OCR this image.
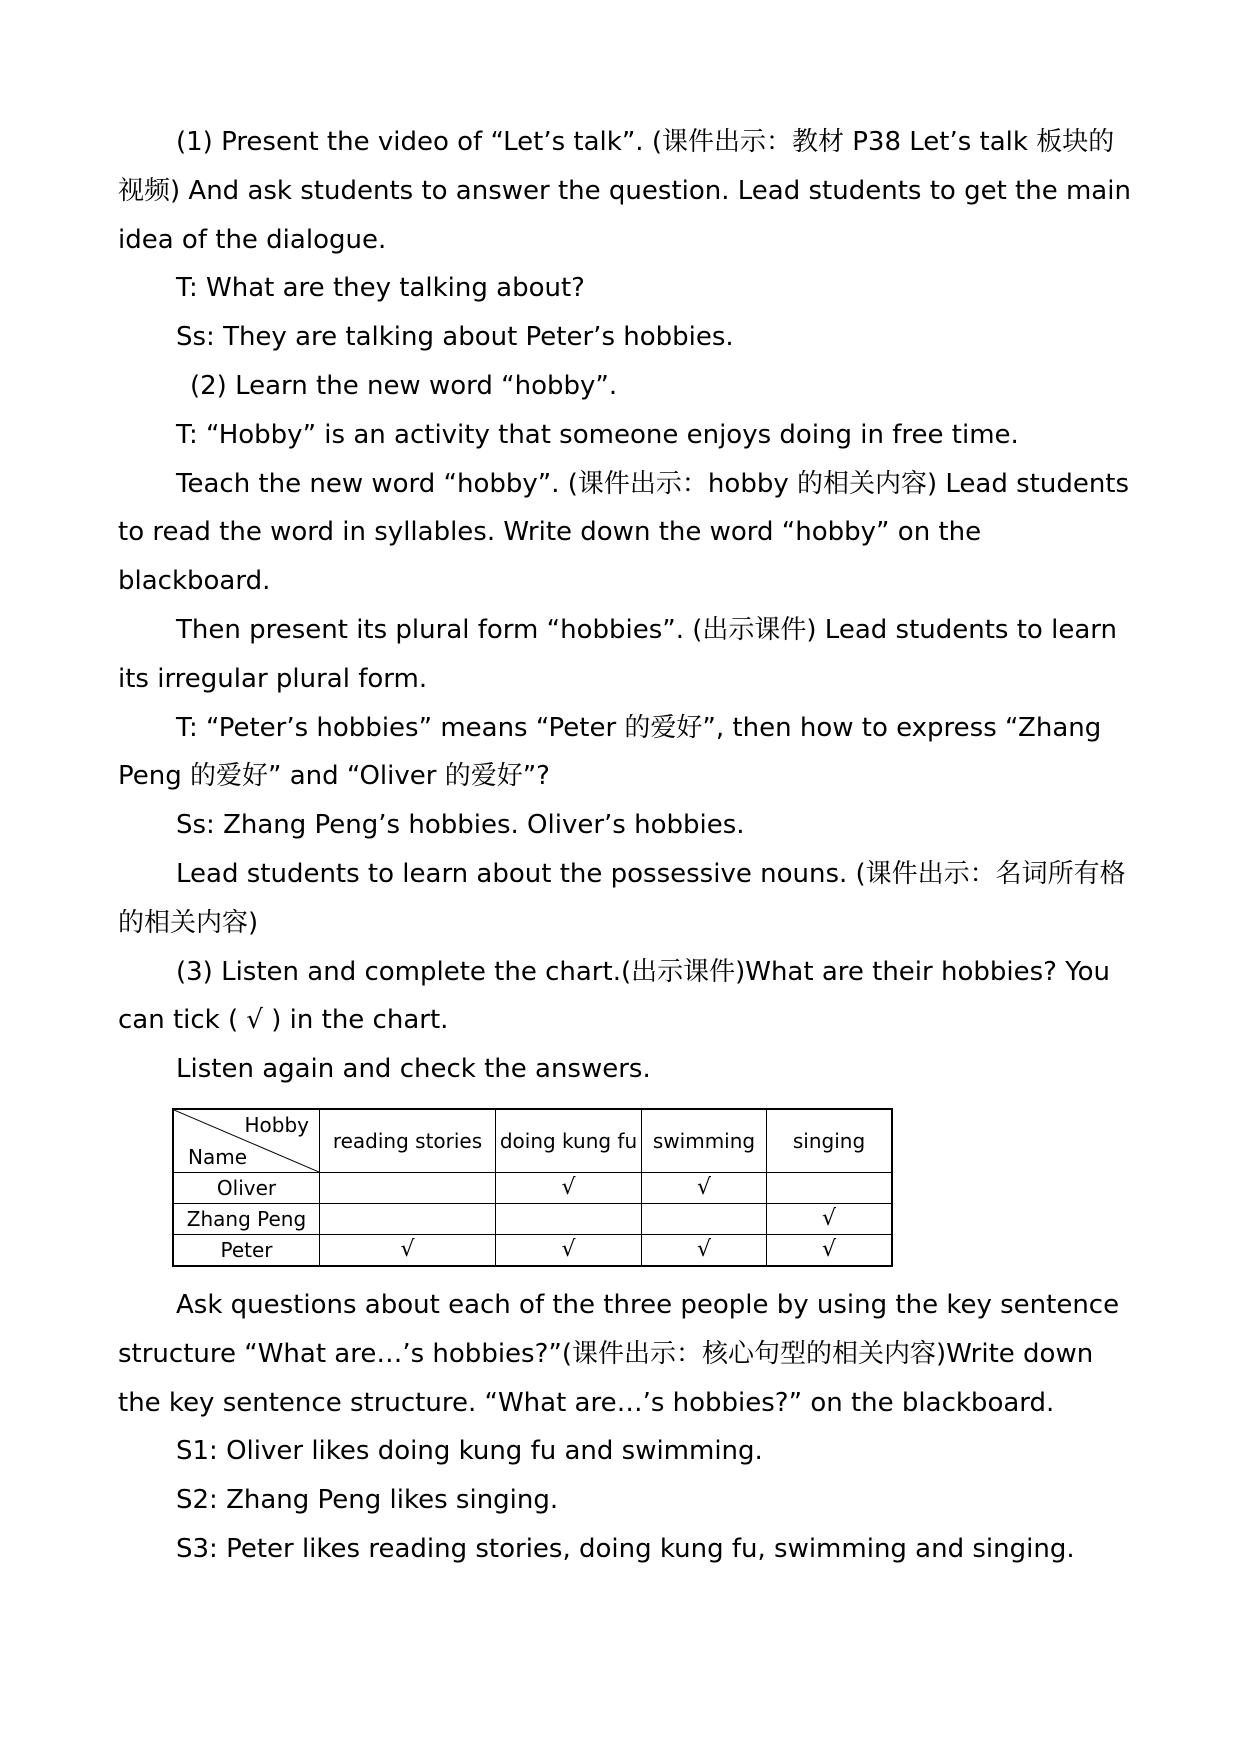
(1) Present the video of “Let’s talk”. (课件出示：教材 P38 Let’s talk 板块的视频) And ask students to answer the question. Lead students to get the main idea of the dialogue.

T: What are they talking about?

Ss: They are talking about Peter’s hobbies.

(2) Learn the new word “hobby”.

T: “Hobby” is an activity that someone enjoys doing in free time.

Teach the new word “hobby”. (课件出示：hobby 的相关内容) Lead students to read the word in syllables. Write down the word “hobby” on the blackboard.

Then present its plural form “hobbies”. (出示课件) Lead students to learn its irregular plural form.

T: “Peter’s hobbies” means “Peter 的爱好”, then how to express “Zhang Peng 的爱好” and “Oliver 的爱好”?

Ss: Zhang Peng’s hobbies. Oliver’s hobbies.

Lead students to learn about the possessive nouns. (课件出示：名词所有格的相关内容)

(3) Listen and complete the chart.(出示课件)What are their hobbies? You can tick ( √ ) in the chart.

Listen again and check the answers.

Hobby
Name	reading stories	doing kung fu	swimming	singing
Oliver		√	√	
Zhang Peng				√
Peter	√	√	√	√

Ask questions about each of the three people by using the key sentence structure “What are…’s hobbies?”(课件出示：核心句型的相关内容)Write down the key sentence structure. “What are…’s hobbies?” on the blackboard.

S1: Oliver likes doing kung fu and swimming.

S2: Zhang Peng likes singing.

S3: Peter likes reading stories, doing kung fu, swimming and singing.
